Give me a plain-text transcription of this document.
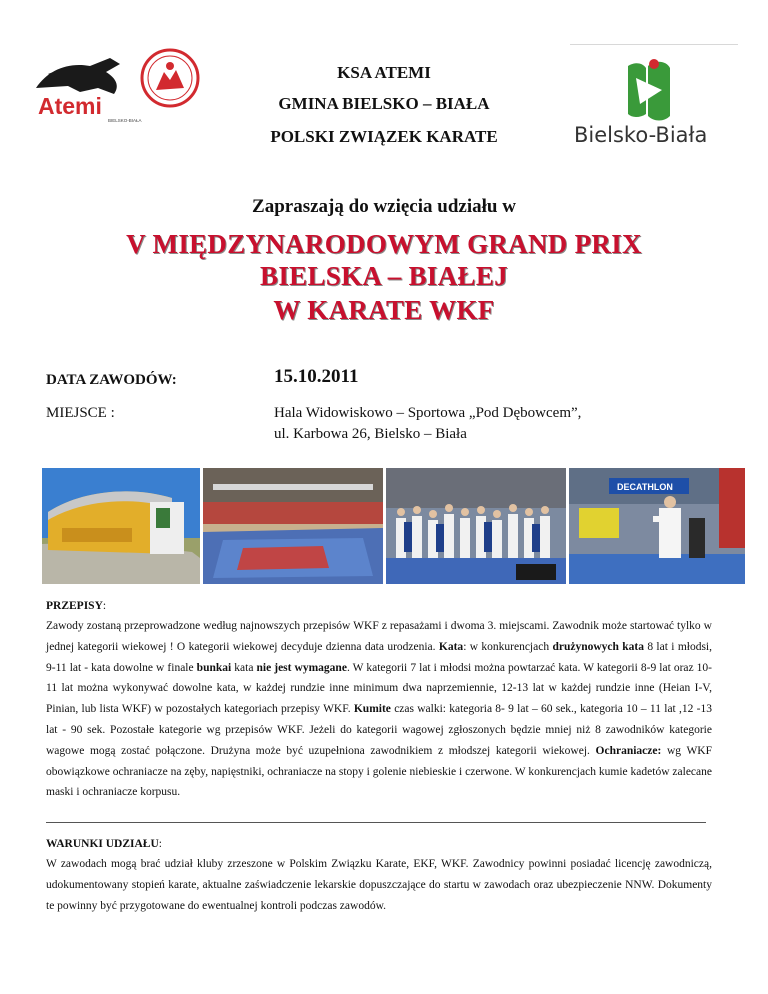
Atemi
BIELSKO-BIAŁA
Bielsko-Biała
KSA ATEMI
GMINA BIELSKO – BIAŁA
POLSKI ZWIĄZEK KARATE
Zapraszają do wzięcia udziału w
V MIĘDZYNARODOWYM GRAND PRIX
BIELSKA – BIAŁEJ
W KARATE WKF
DATA ZAWODÓW:	15.10.2011
MIEJSCE :	Hala Widowiskowo – Sportowa „Pod Dębowcem”,
ul. Karbowa 26, Bielsko – Biała
DECATHLON
PRZEPISY:
Zawody zostaną przeprowadzone według najnowszych przepisów WKF z repasażami i dwoma 3. miejscami. Zawodnik może startować tylko w jednej kategorii wiekowej ! O kategorii wiekowej decyduje dzienna data urodzenia. Kata: w konkurencjach drużynowych kata 8 lat i młodsi, 9-11 lat - kata dowolne w finale bunkai kata nie jest wymagane. W kategorii 7 lat i młodsi można powtarzać kata. W kategorii 8-9 lat oraz 10-11 lat można wykonywać dowolne kata, w każdej rundzie inne minimum dwa naprzemiennie, 12-13 lat w każdej rundzie inne (Heian I-V, Pinian, lub lista WKF) w pozostałych kategoriach przepisy WKF. Kumite czas walki: kategoria 8- 9 lat – 60 sek., kategoria 10 – 11 lat ,12 -13 lat - 90 sek. Pozostałe kategorie wg przepisów WKF. Jeżeli do kategorii wagowej zgłoszonych będzie mniej niż 8 zawodników kategorie wagowe mogą zostać połączone. Drużyna może być uzupełniona zawodnikiem z młodszej kategorii wiekowej. Ochraniacze: wg WKF obowiązkowe ochraniacze na zęby, napięstniki, ochraniacze na stopy i golenie niebieskie i czerwone. W konkurencjach kumie kadetów zalecane maski i ochraniacze korpusu.
WARUNKI UDZIAŁU:
W zawodach mogą brać udział kluby zrzeszone w Polskim Związku Karate, EKF, WKF. Zawodnicy powinni posiadać licencję zawodniczą, udokumentowany stopień karate, aktualne zaświadczenie lekarskie dopuszczające do startu w zawodach oraz ubezpieczenie NNW. Dokumenty te powinny być przygotowane do ewentualnej kontroli podczas zawodów.
